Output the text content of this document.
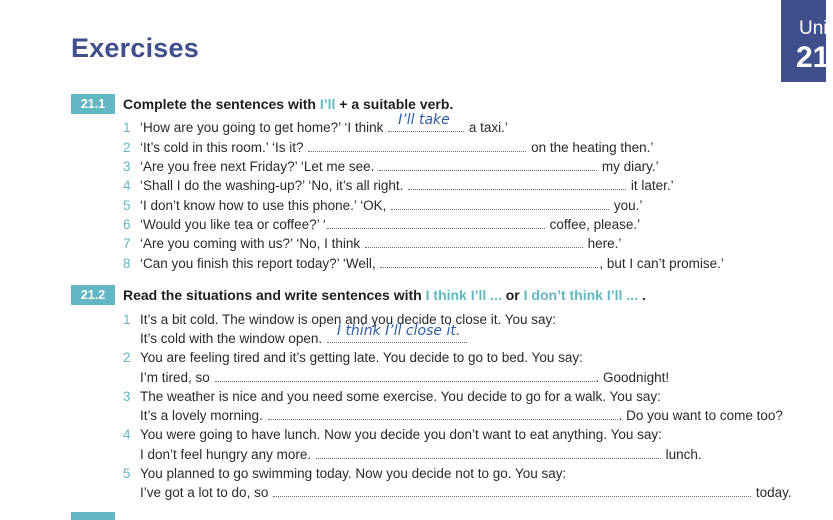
Exercises
Unit
21
21.1	Complete the sentences with I’ll + a suitable verb.
1 ‘How are you going to get home?’ ‘I think I’ll take a taxi.’
2 ‘It’s cold in this room.’ ‘Is it?	on the heating then.’
3 ‘Are you free next Friday?’ ‘Let me see.	my diary.’
4 ‘Shall I do the washing-up?’ ‘No, it’s all right.	it later.’
5 ‘I don’t know how to use this phone.’ ‘OK,	you.’
6 ‘Would you like tea or coffee?’ ‘	coffee, please.’
7 ‘Are you coming with us?’ ‘No, I think	here.’
8 ‘Can you finish this report today?’ ‘Well,	, but I can’t promise.’
21.2	Read the situations and write sentences with I think I’ll ... or I don’t think I’ll ... .
1 It’s a bit cold. The window is open and you decide to close it. You say:
It’s cold with the window open. I think I’ll close it.
2 You are feeling tired and it’s getting late. You decide to go to bed. You say:
I’m tired, so	. Goodnight!
3 The weather is nice and you need some exercise. You decide to go for a walk. You say:
It’s a lovely morning.	. Do you want to come too?
4 You were going to have lunch. Now you decide you don’t want to eat anything. You say:
I don’t feel hungry any more.	lunch.
5 You planned to go swimming today. Now you decide not to go. You say:
I’ve got a lot to do, so	today.
